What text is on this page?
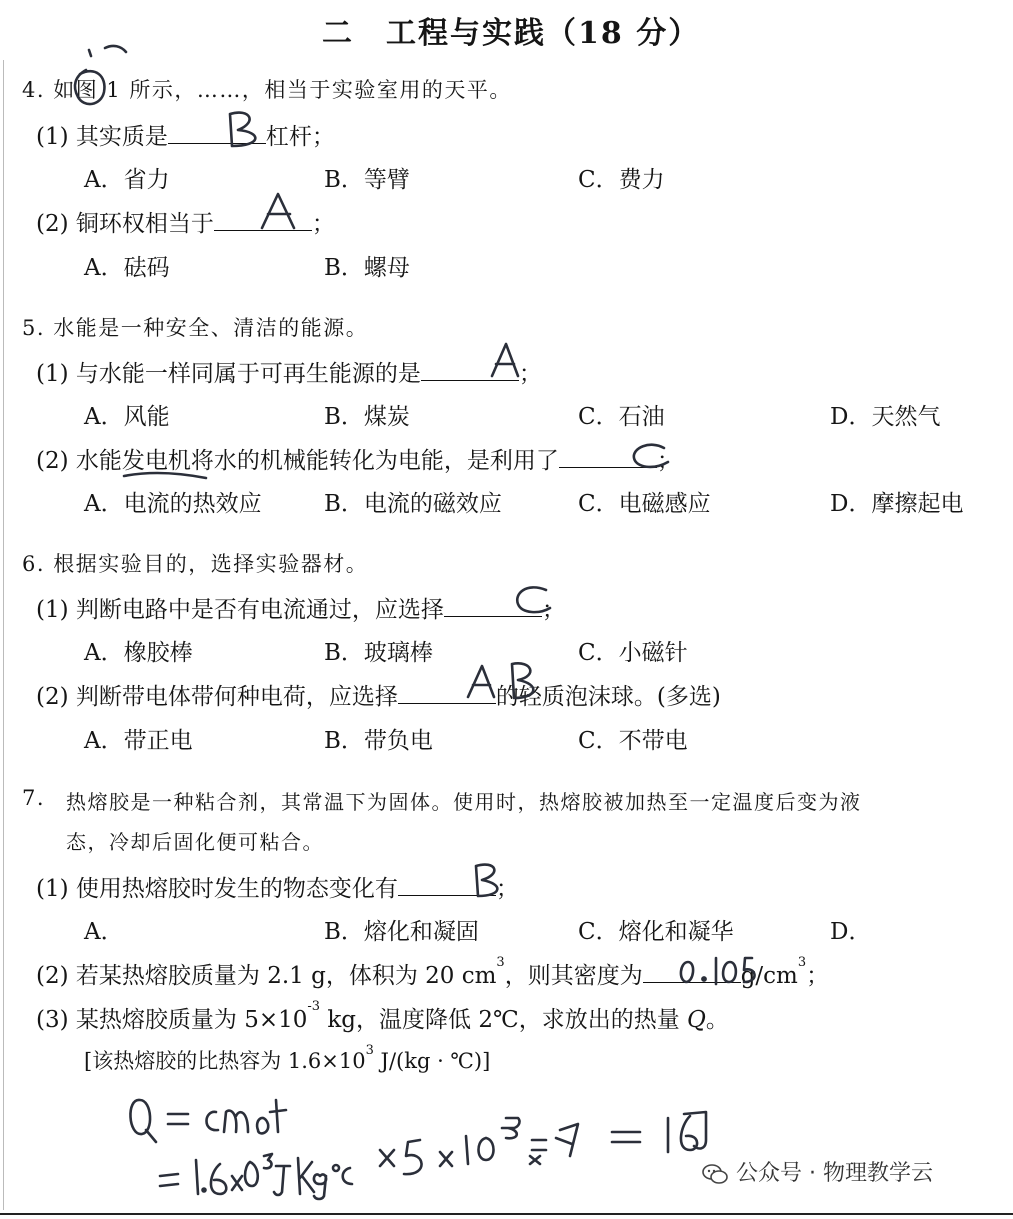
二　工程与实践（18 分）
4. 如图 1 所示，……，相当于实验室用的天平。
(1) 其实质是	杠杆；
A．省力	B．等臂	C．费力
(2) 铜环权相当于	；
A．砝码	B．螺母
5. 水能是一种安全、清洁的能源。
(1) 与水能一样同属于可再生能源的是	；
A．风能	B．煤炭	C．石油	D．天然气
(2) 水能发电机将水的机械能转化为电能，是利用了	；
A．电流的热效应	B．电流的磁效应	C．电磁感应	D．摩擦起电
6. 根据实验目的，选择实验器材。
(1) 判断电路中是否有电流通过，应选择	；
A．橡胶棒	B．玻璃棒	C．小磁针
(2) 判断带电体带何种电荷，应选择	的轻质泡沫球。(多选)
A．带正电	B．带负电	C．不带电
7. 热熔胶是一种粘合剂，其常温下为固体。使用时，热熔胶被加热至一定温度后变为液
态，冷却后固化便可粘合。
(1) 使用热熔胶时发生的物态变化有	；
A．	B．熔化和凝固	C．熔化和凝华	D．
(2) 若某热熔胶质量为 2.1 g，体积为 20 $cm^3$，则其密度为	$g/cm^3$；
(3) 某热熔胶质量为 $5\times 10^{-3}$ kg，温度降低 2℃，求放出的热量 Q。
[该热熔胶的比热容为 $1.6\times 10^3$ J/(kg · ℃)]
公众号 · 物理教学云
